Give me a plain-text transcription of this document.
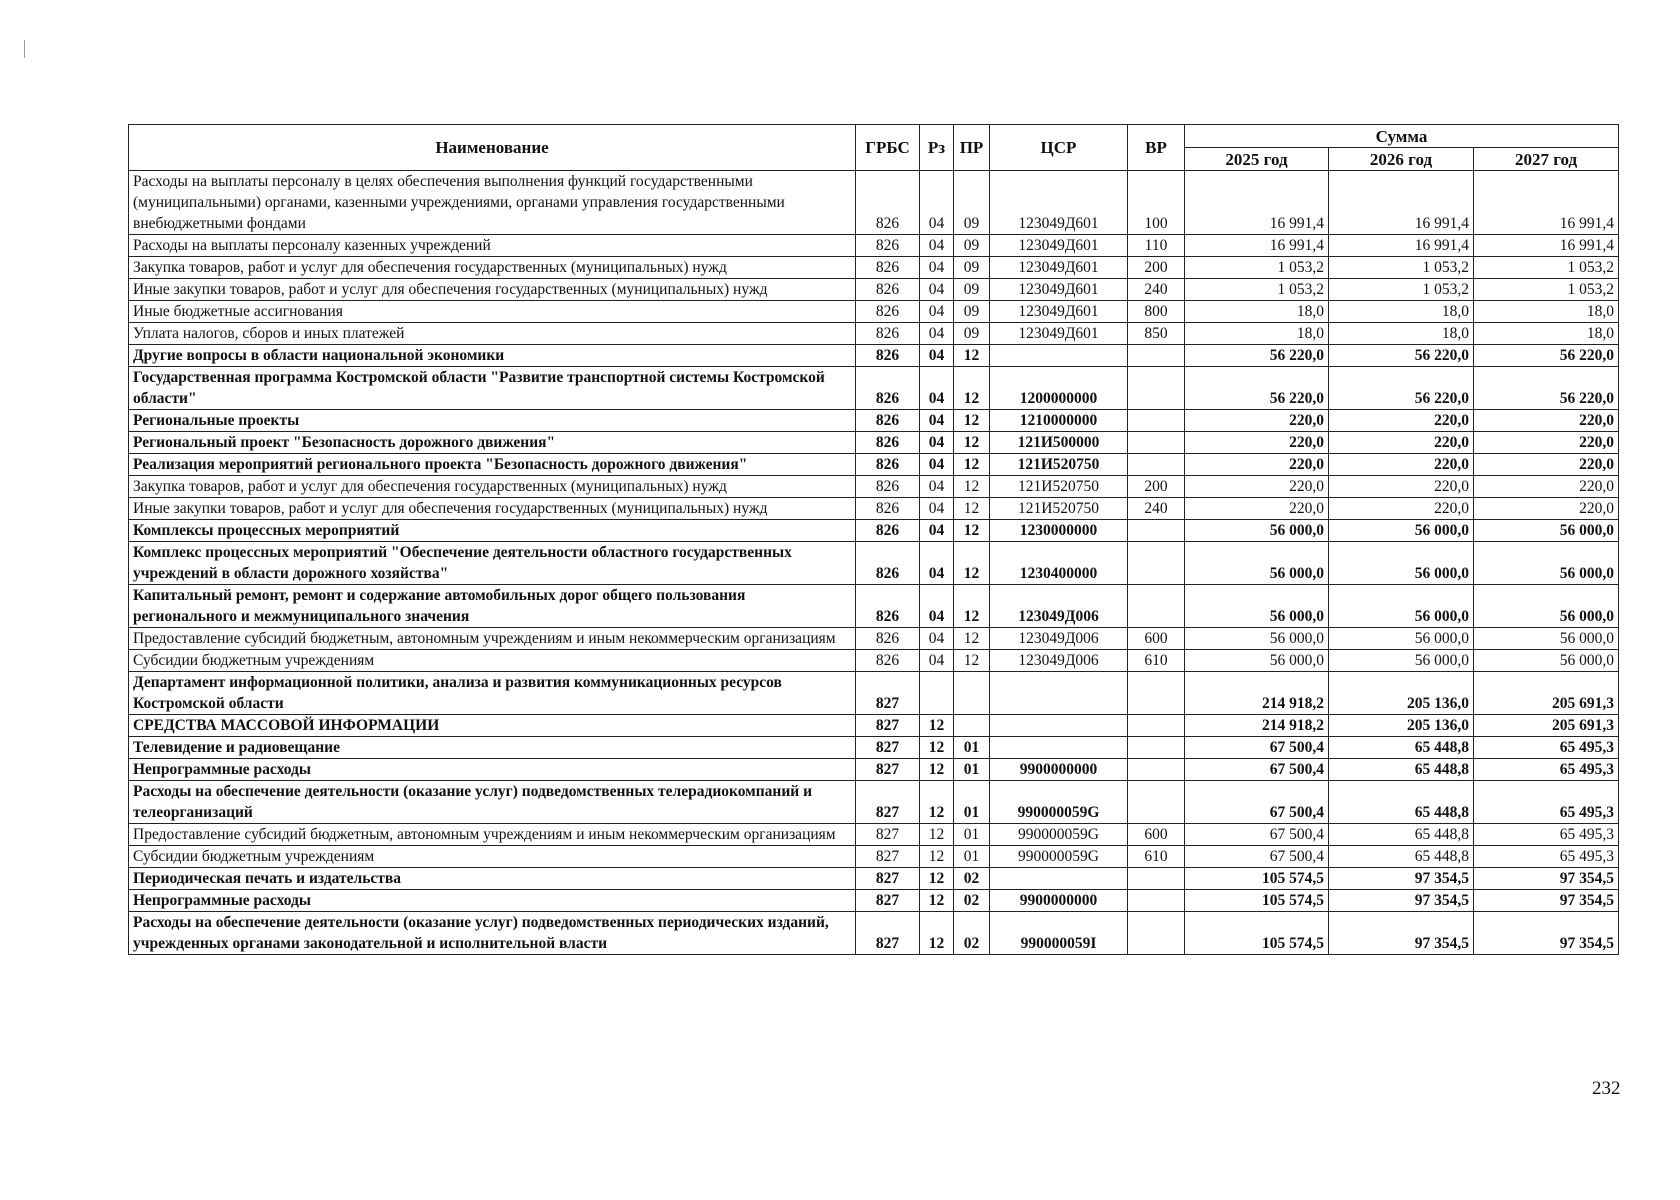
Наименование	ГРБС	Рз	ПР	ЦСР	ВР	Сумма		
						2025 год	2026 год	2027 год
Расходы на выплаты персоналу в целях обеспечения выполнения функций государственными (муниципальными) органами, казенными учреждениями, органами управления государственными внебюджетными фондами	826	04	09	123049Д601	100	16 991,4	16 991,4	16 991,4
Расходы на выплаты персоналу казенных учреждений	826	04	09	123049Д601	110	16 991,4	16 991,4	16 991,4
Закупка товаров, работ и услуг для обеспечения государственных (муниципальных) нужд	826	04	09	123049Д601	200	1 053,2	1 053,2	1 053,2
Иные закупки товаров, работ и услуг для обеспечения государственных (муниципальных) нужд	826	04	09	123049Д601	240	1 053,2	1 053,2	1 053,2
Иные бюджетные ассигнования	826	04	09	123049Д601	800	18,0	18,0	18,0
Уплата налогов, сборов и иных платежей	826	04	09	123049Д601	850	18,0	18,0	18,0
Другие вопросы в области национальной экономики	826	04	12			56 220,0	56 220,0	56 220,0
Государственная программа Костромской области "Развитие транспортной системы Костромской области"	826	04	12	1200000000		56 220,0	56 220,0	56 220,0
Региональные проекты	826	04	12	1210000000		220,0	220,0	220,0
Региональный проект "Безопасность дорожного движения"	826	04	12	121И500000		220,0	220,0	220,0
Реализация мероприятий регионального проекта "Безопасность дорожного движения"	826	04	12	121И520750		220,0	220,0	220,0
Закупка товаров, работ и услуг для обеспечения государственных (муниципальных) нужд	826	04	12	121И520750	200	220,0	220,0	220,0
Иные закупки товаров, работ и услуг для обеспечения государственных (муниципальных) нужд	826	04	12	121И520750	240	220,0	220,0	220,0
Комплексы процессных мероприятий	826	04	12	1230000000		56 000,0	56 000,0	56 000,0
Комплекс процессных мероприятий "Обеспечение деятельности областного государственных учреждений в области дорожного хозяйства"	826	04	12	1230400000		56 000,0	56 000,0	56 000,0
Капитальный ремонт, ремонт и содержание автомобильных дорог общего пользования регионального и межмуниципального значения	826	04	12	123049Д006		56 000,0	56 000,0	56 000,0
Предоставление субсидий бюджетным, автономным учреждениям и иным некоммерческим организациям	826	04	12	123049Д006	600	56 000,0	56 000,0	56 000,0
Субсидии бюджетным учреждениям	826	04	12	123049Д006	610	56 000,0	56 000,0	56 000,0
Департамент информационной политики, анализа и развития коммуникационных ресурсов Костромской области	827					214 918,2	205 136,0	205 691,3
СРЕДСТВА МАССОВОЙ ИНФОРМАЦИИ	827	12				214 918,2	205 136,0	205 691,3
Телевидение и радиовещание	827	12	01			67 500,4	65 448,8	65 495,3
Непрограммные расходы	827	12	01	9900000000		67 500,4	65 448,8	65 495,3
Расходы на обеспечение деятельности (оказание услуг) подведомственных телерадиокомпаний и телеорганизаций	827	12	01	990000059G		67 500,4	65 448,8	65 495,3
Предоставление субсидий бюджетным, автономным учреждениям и иным некоммерческим организациям	827	12	01	990000059G	600	67 500,4	65 448,8	65 495,3
Субсидии бюджетным учреждениям	827	12	01	990000059G	610	67 500,4	65 448,8	65 495,3
Периодическая печать и издательства	827	12	02			105 574,5	97 354,5	97 354,5
Непрограммные расходы	827	12	02	9900000000		105 574,5	97 354,5	97 354,5
Расходы на обеспечение деятельности (оказание услуг) подведомственных периодических изданий, учрежденных органами законодательной и исполнительной власти	827	12	02	990000059I		105 574,5	97 354,5	97 354,5
232
